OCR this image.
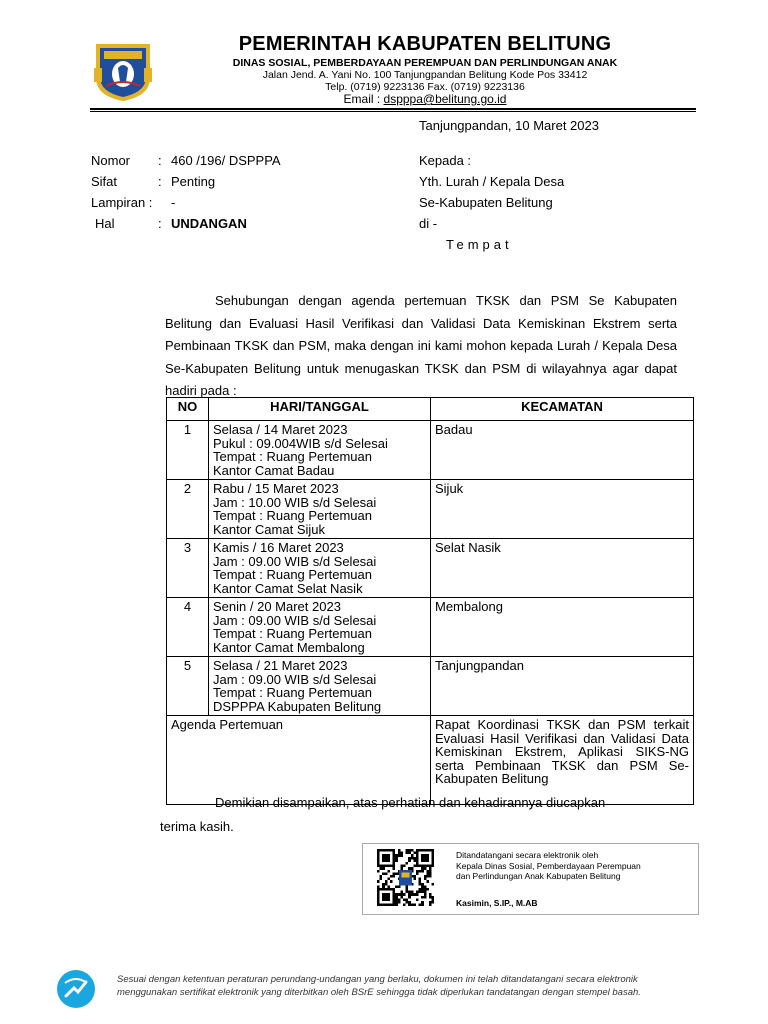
PEMERINTAH KABUPATEN BELITUNG
DINAS SOSIAL, PEMBERDAYAAN PEREMPUAN DAN PERLINDUNGAN ANAK
Jalan Jend. A. Yani No. 100 Tanjungpandan Belitung Kode Pos 33412
Telp. (0719) 9223136 Fax. (0719) 9223136
Email : dspppa@belitung.go.id
Tanjungpandan, 10 Maret 2023
Nomor : 460 /196/ DSPPPA
Sifat	: Penting
Lampiran : -
Hal	: UNDANGAN
Kepada :
Yth. Lurah / Kepala Desa
Se-Kabupaten Belitung
di -
Tempat
Sehubungan dengan agenda pertemuan TKSK dan PSM Se Kabupaten Belitung dan Evaluasi Hasil Verifikasi dan Validasi Data Kemiskinan Ekstrem serta Pembinaan TKSK dan PSM, maka dengan ini kami mohon kepada Lurah / Kepala Desa Se-Kabupaten Belitung untuk menugaskan TKSK dan PSM di wilayahnya agar dapat hadiri pada :
NO	HARI/TANGGAL	KECAMATAN
1	Selasa / 14 Maret 2023
Pukul : 09.004WIB s/d Selesai
Tempat : Ruang Pertemuan
Kantor Camat Badau	Badau
2	Rabu / 15 Maret 2023
Jam : 10.00 WIB s/d Selesai
Tempat : Ruang Pertemuan
Kantor Camat Sijuk	Sijuk
3	Kamis / 16 Maret 2023
Jam : 09.00 WIB s/d Selesai
Tempat : Ruang Pertemuan
Kantor Camat Selat Nasik	Selat Nasik
4	Senin / 20 Maret 2023
Jam : 09.00 WIB s/d Selesai
Tempat : Ruang Pertemuan
Kantor Camat Membalong	Membalong
5	Selasa / 21 Maret 2023
Jam : 09.00 WIB s/d Selesai
Tempat : Ruang Pertemuan
DSPPPA Kabupaten Belitung	Tanjungpandan
Agenda Pertemuan		Rapat Koordinasi TKSK dan PSM terkait Evaluasi Hasil Verifikasi dan Validasi Data Kemiskinan Ekstrem, Aplikasi SIKS-NG serta Pembinaan TKSK dan PSM Se-Kabupaten Belitung
Demikian disampaikan, atas perhatian dan kehadirannya diucapkan
terima kasih.
Ditandatangani secara elektronik oleh
Kepala Dinas Sosial, Pemberdayaan Perempuan
dan Perlindungan Anak Kabupaten Belitung
Kasimin, S.IP., M.AB
Sesuai dengan ketentuan peraturan perundang-undangan yang berlaku, dokumen ini telah ditandatangani secara elektronik
menggunakan sertifikat elektronik yang diterbitkan oleh BSrE sehingga tidak diperlukan tandatangan dengan stempel basah.
